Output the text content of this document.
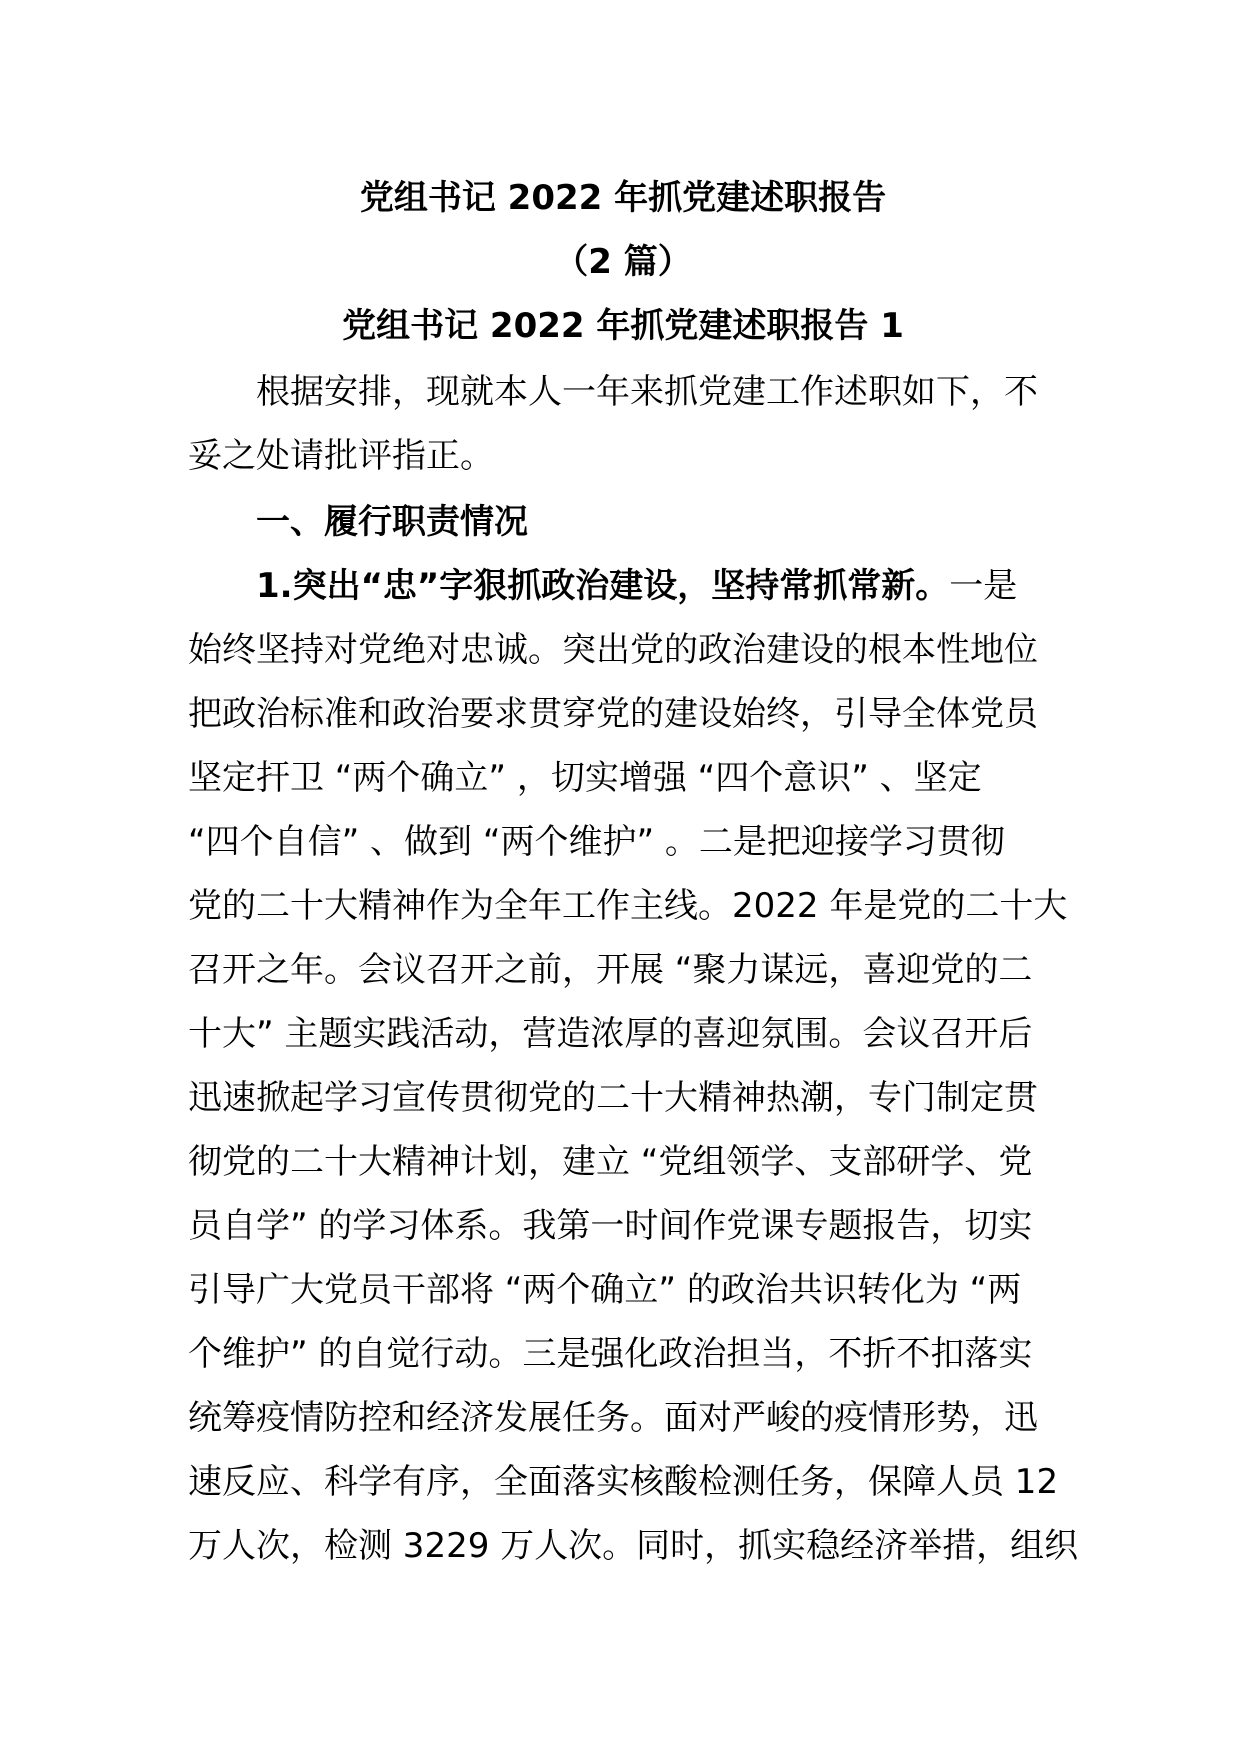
党组书记 2022 年抓党建述职报告
（2 篇）
党组书记 2022 年抓党建述职报告 1
根据安排，现就本人一年来抓党建工作述职如下，不
妥之处请批评指正。
一、履行职责情况
1.突出“忠”字狠抓政治建设，坚持常抓常新。一是
始终坚持对党绝对忠诚。突出党的政治建设的根本性地位
把政治标准和政治要求贯穿党的建设始终，引导全体党员
坚定扞卫 “两个确立” ，切实增强 “四个意识” 、坚定
“四个自信” 、做到 “两个维护” 。二是把迎接学习贯彻
党的二十大精神作为全年工作主线。2022 年是党的二十大
召开之年。会议召开之前，开展 “聚力谋远，喜迎党的二
十大” 主题实践活动，营造浓厚的喜迎氛围。会议召开后
迅速掀起学习宣传贯彻党的二十大精神热潮，专门制定贯
彻党的二十大精神计划，建立 “党组领学、支部研学、党
员自学” 的学习体系。我第一时间作党课专题报告，切实
引导广大党员干部将 “两个确立” 的政治共识转化为 “两
个维护” 的自觉行动。三是强化政治担当，不折不扣落实
统筹疫情防控和经济发展任务。面对严峻的疫情形势，迅
速反应、科学有序，全面落实核酸检测任务，保障人员 12
万人次，检测 3229 万人次。同时，抓实稳经济举措，组织
